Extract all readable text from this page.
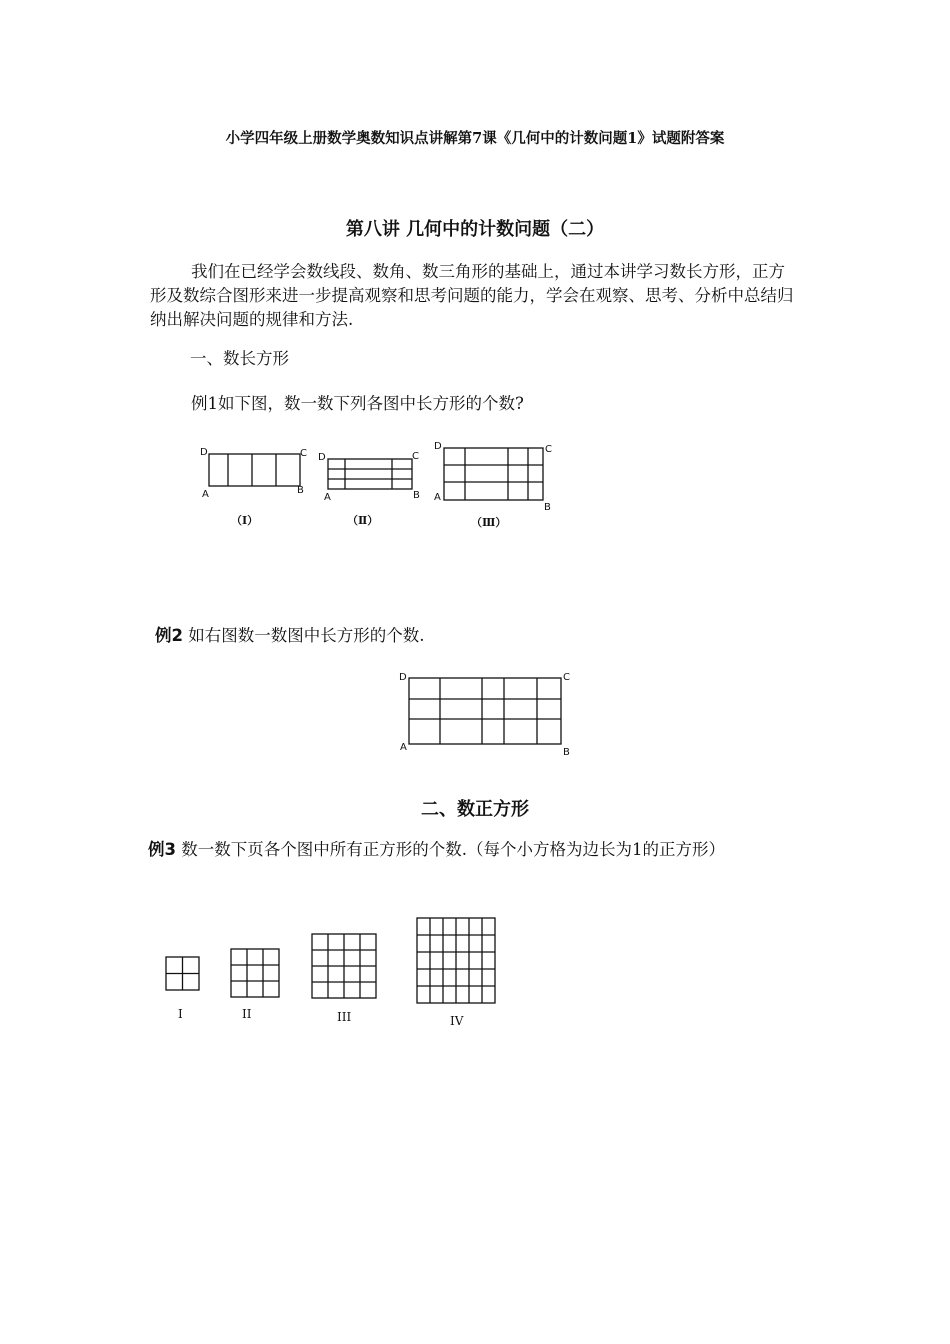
小学四年级上册数学奥数知识点讲解第7课《几何中的计数问题1》试题附答案
第八讲 几何中的计数问题（二）
我们在已经学会数线段、数角、数三角形的基础上，通过本讲学习数长方形，正方形及数综合图形来进一步提高观察和思考问题的能力，学会在观察、思考、分析中总结归纳出解决问题的规律和方法.
一、数长方形
例1如下图，数一数下列各图中长方形的个数?
D	C
A	B
（Ⅰ）
D	C
A	B
（Ⅱ）
D	C
A
B
（Ⅲ）
D	C
A	B
I	II	III	IV
例2 如右图数一数图中长方形的个数.
二、数正方形
例3 数一数下页各个图中所有正方形的个数.（每个小方格为边长为1的正方形）
